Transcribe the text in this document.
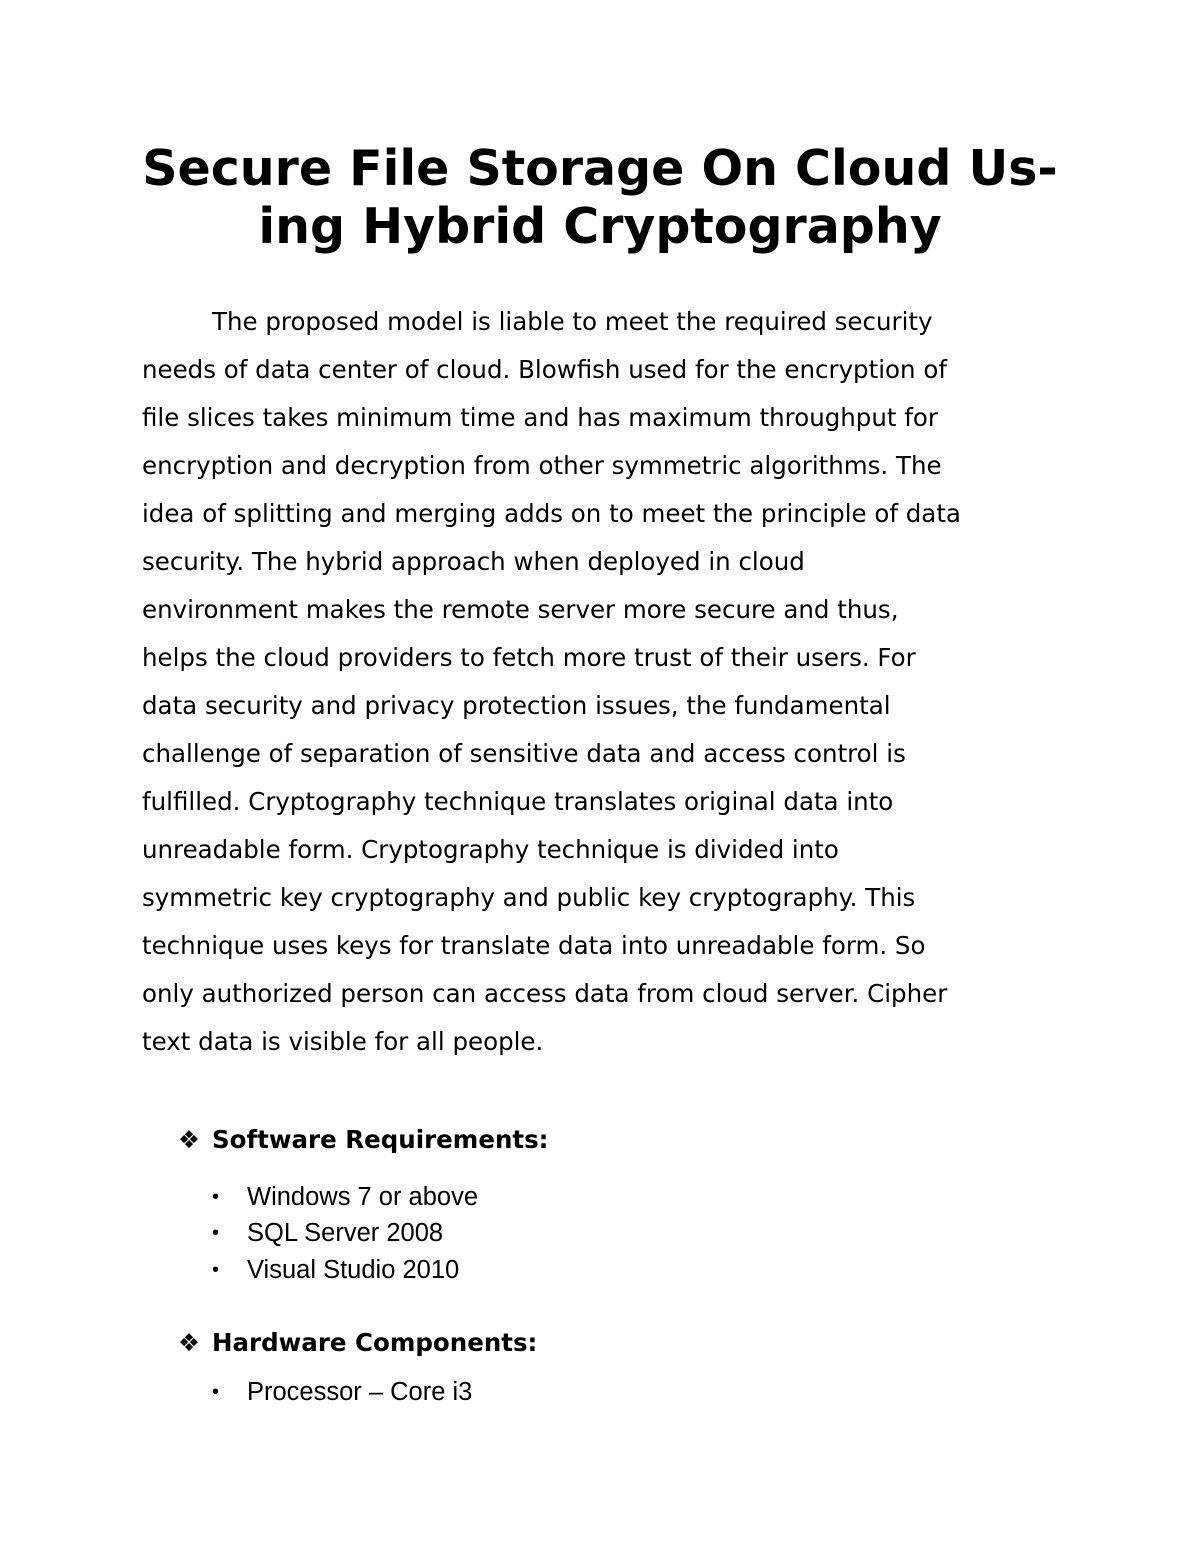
Secure File Storage On Cloud Us-
ing Hybrid Cryptography

The proposed model is liable to meet the required security

needs of data center of cloud. Blowfish used for the encryption of

file slices takes minimum time and has maximum throughput for

encryption and decryption from other symmetric algorithms. The

idea of splitting and merging adds on to meet the principle of data

security. The hybrid approach when deployed in cloud

environment makes the remote server more secure and thus,

helps the cloud providers to fetch more trust of their users. For

data security and privacy protection issues, the fundamental

challenge of separation of sensitive data and access control is

fulfilled. Cryptography technique translates original data into

unreadable form. Cryptography technique is divided into

symmetric key cryptography and public key cryptography. This

technique uses keys for translate data into unreadable form. So

only authorized person can access data from cloud server. Cipher

text data is visible for all people.

❖ Software Requirements:
• Windows 7 or above
• SQL Server 2008
• Visual Studio 2010
❖ Hardware Components:
• Processor – Core i3
